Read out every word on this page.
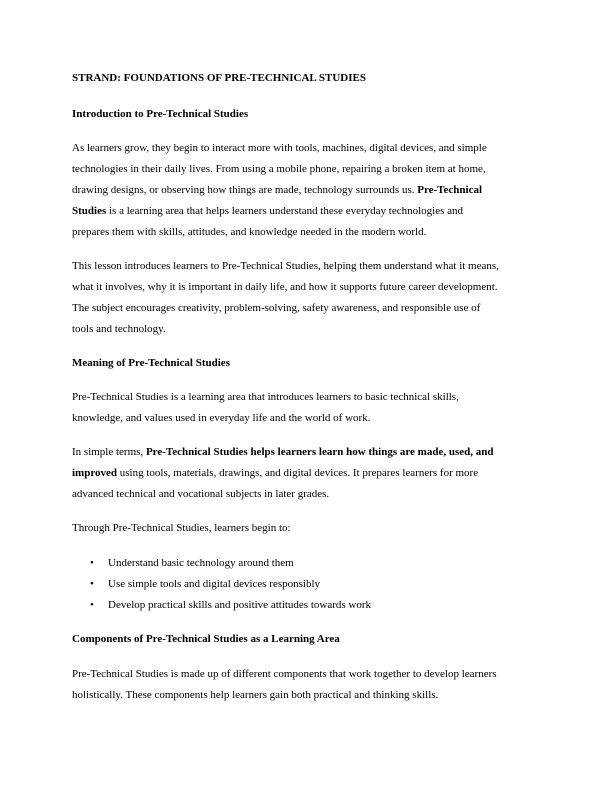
STRAND: FOUNDATIONS OF PRE-TECHNICAL STUDIES
Introduction to Pre-Technical Studies
As learners grow, they begin to interact more with tools, machines, digital devices, and simple
technologies in their daily lives. From using a mobile phone, repairing a broken item at home,
drawing designs, or observing how things are made, technology surrounds us. Pre-Technical
Studies is a learning area that helps learners understand these everyday technologies and
prepares them with skills, attitudes, and knowledge needed in the modern world.
This lesson introduces learners to Pre-Technical Studies, helping them understand what it means,
what it involves, why it is important in daily life, and how it supports future career development.
The subject encourages creativity, problem-solving, safety awareness, and responsible use of
tools and technology.
Meaning of Pre-Technical Studies
Pre-Technical Studies is a learning area that introduces learners to basic technical skills,
knowledge, and values used in everyday life and the world of work.
In simple terms, Pre-Technical Studies helps learners learn how things are made, used, and
improved using tools, materials, drawings, and digital devices. It prepares learners for more
advanced technical and vocational subjects in later grades.
Through Pre-Technical Studies, learners begin to:
• Understand basic technology around them
• Use simple tools and digital devices responsibly
• Develop practical skills and positive attitudes towards work
Components of Pre-Technical Studies as a Learning Area
Pre-Technical Studies is made up of different components that work together to develop learners
holistically. These components help learners gain both practical and thinking skills.
